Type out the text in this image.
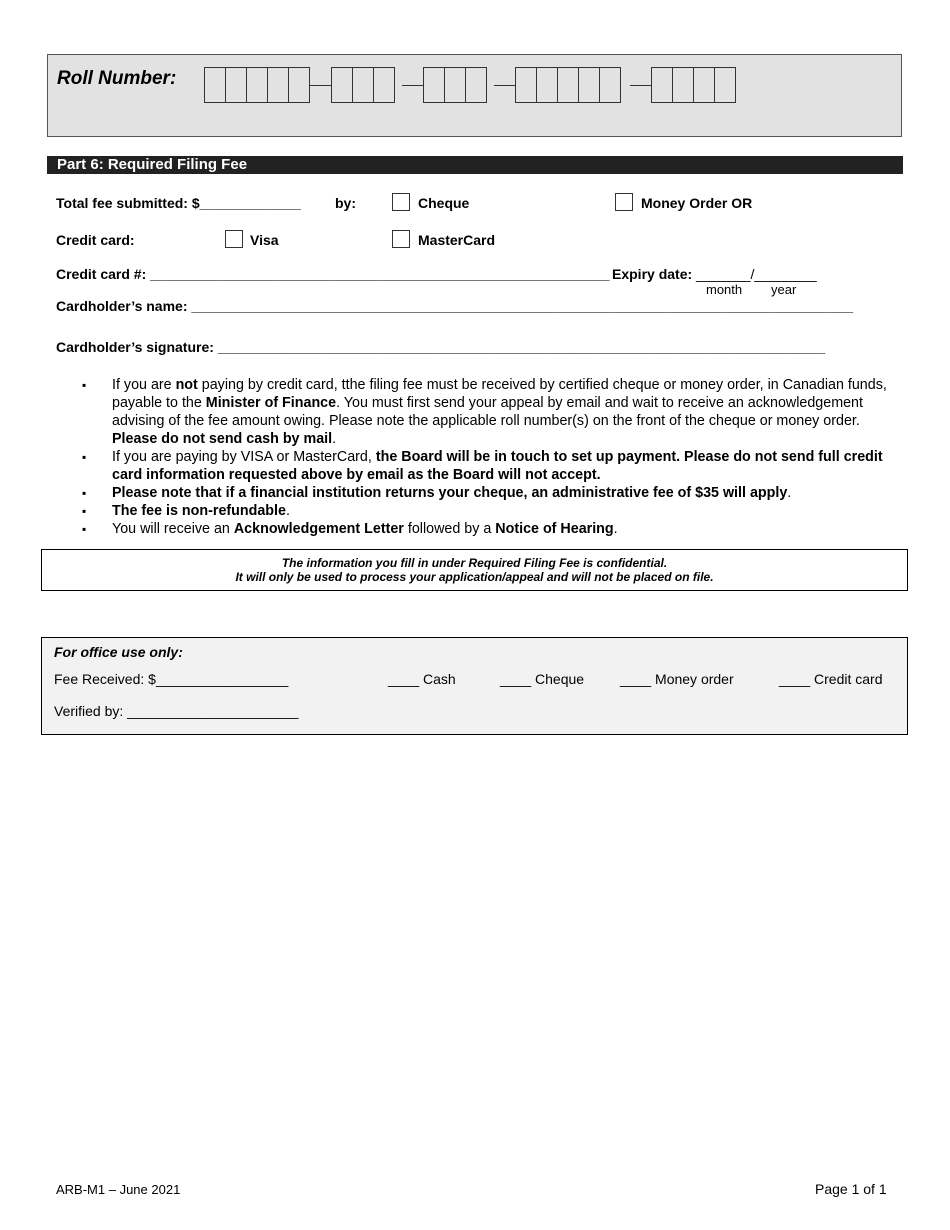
Roll Number:
Part 6: Required Filing Fee
Total fee submitted: $_____________ by:	Cheque	Money Order OR
Credit card:	Visa	MasterCard
Credit card #: ___________________________________________________________ Expiry date: _______/________
month year
Cardholder’s name: _____________________________________________________________________________________
Cardholder’s signature: ______________________________________________________________________________
▪ If you are not paying by credit card, tthe filing fee must be received by certified cheque or money order, in Canadian funds, payable to the Minister of Finance. You must first send your appeal by email and wait to receive an acknowledgement advising of the fee amount owing. Please note the applicable roll number(s) on the front of the cheque or money order. Please do not send cash by mail.
▪ If you are paying by VISA or MasterCard, the Board will be in touch to set up payment. Please do not send full credit card information requested above by email as the Board will not accept.
▪ Please note that if a financial institution returns your cheque, an administrative fee of $35 will apply.
▪ The fee is non-refundable.
▪ You will receive an Acknowledgement Letter followed by a Notice of Hearing.
The information you fill in under Required Filing Fee is confidential.
It will only be used to process your application/appeal and will not be placed on file.
For office use only:
Fee Received: $_________________	____ Cash	____ Cheque	____ Money order	____ Credit card
Verified by: ______________________
ARB-M1 – June 2021	Page 1 of 1
